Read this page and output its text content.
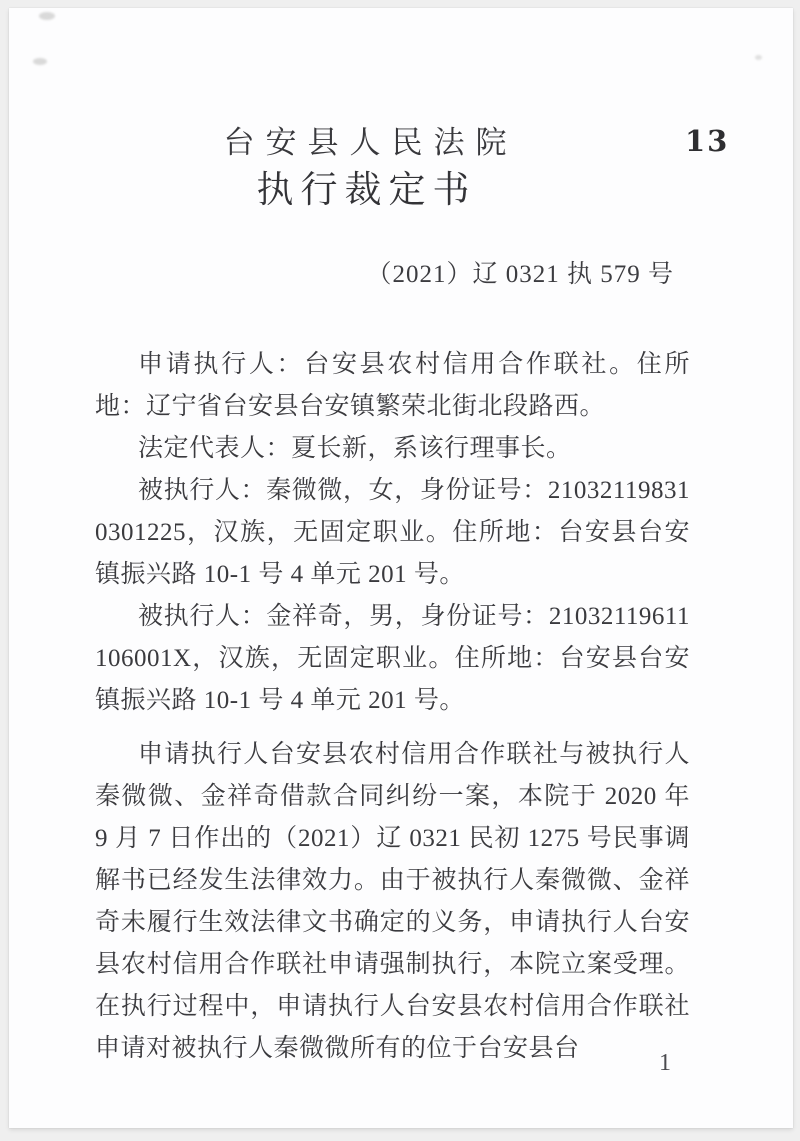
13
台安县人民法院
执行裁定书
（2021）辽 0321 执 579 号

申请执行人：台安县农村信用合作联社。住所地：辽宁省台安县台安镇繁荣北街北段路西。

法定代表人：夏长新，系该行理事长。

被执行人：秦微微，女，身份证号：210321198310301225，汉族，无固定职业。住所地：台安县台安镇振兴路 10-1 号 4 单元 201 号。

被执行人：金祥奇，男，身份证号：21032119611106001X，汉族，无固定职业。住所地：台安县台安镇振兴路 10-1 号 4 单元 201 号。

申请执行人台安县农村信用合作联社与被执行人秦微微、金祥奇借款合同纠纷一案，本院于 2020 年 9 月 7 日作出的（2021）辽 0321 民初 1275 号民事调解书已经发生法律效力。由于被执行人秦微微、金祥奇未履行生效法律文书确定的义务，申请执行人台安县农村信用合作联社申请强制执行，本院立案受理。在执行过程中，申请执行人台安县农村信用合作联社申请对被执行人秦微微所有的位于台安县台

1
